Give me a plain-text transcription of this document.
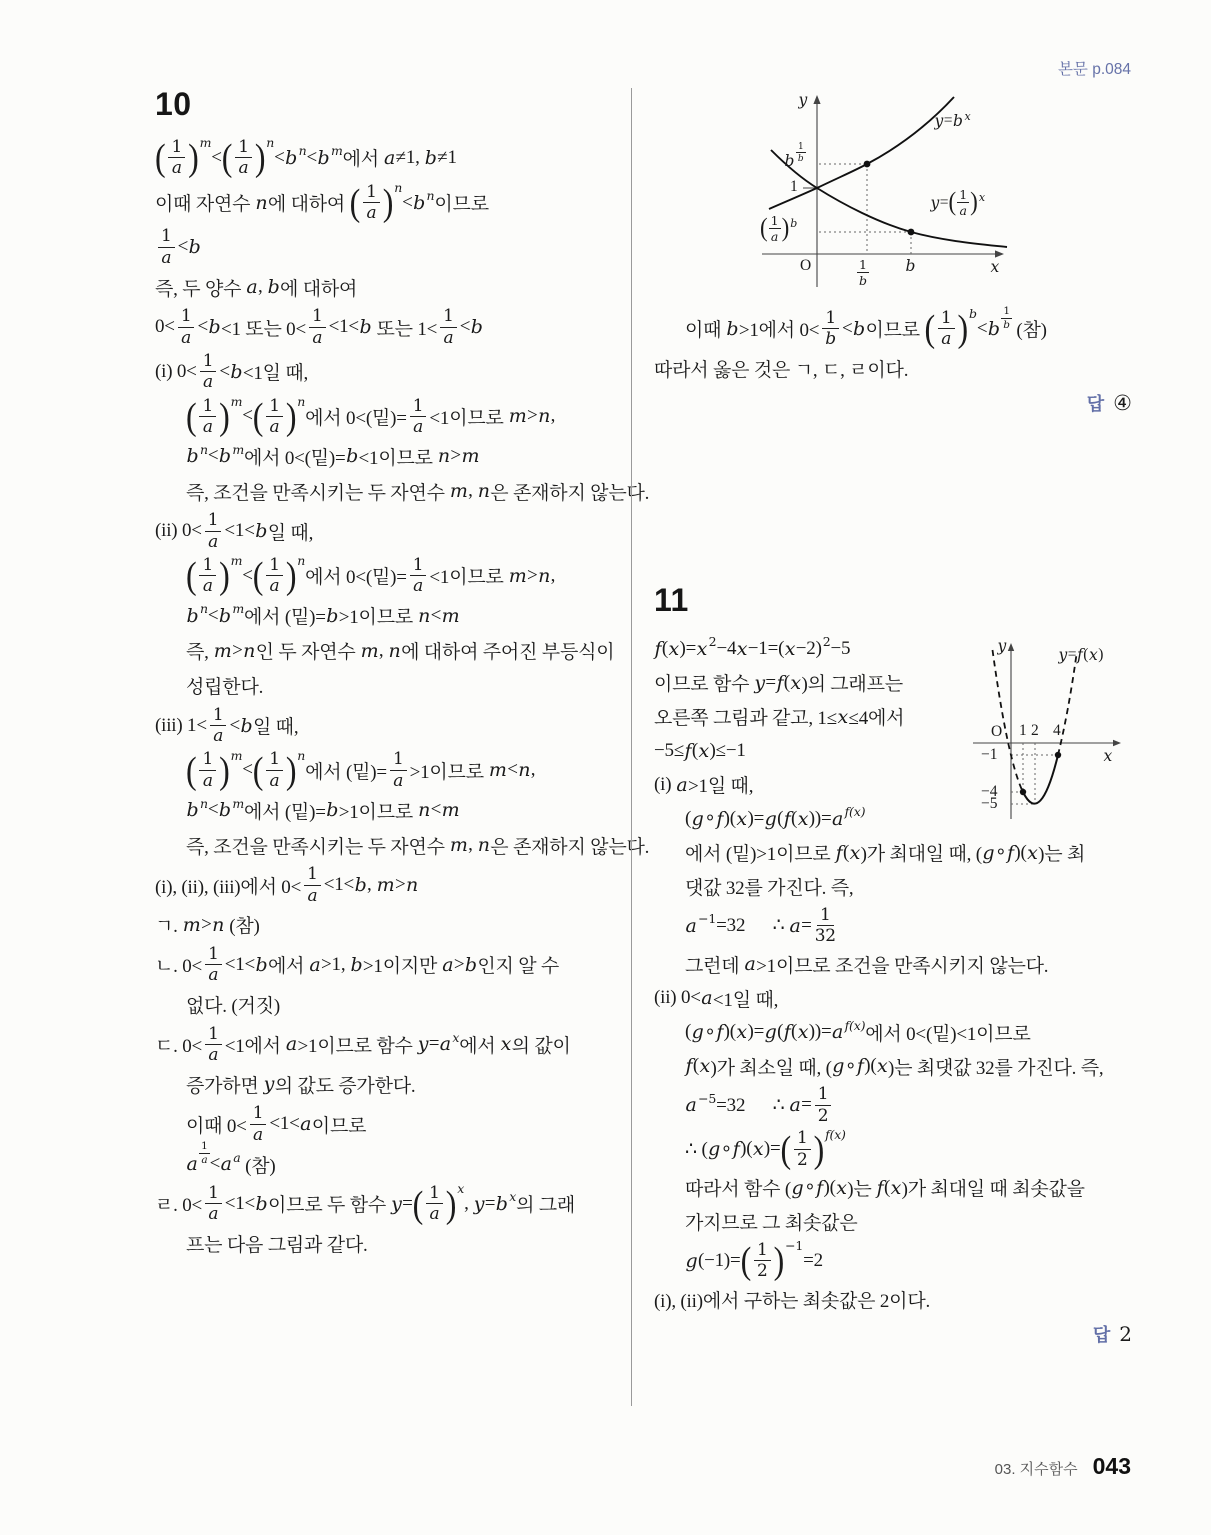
본문 p.084
10
( $\frac{1}{a}$ ) m
< ( $\frac{1}{a}$ ) n
< b n < b m 에서 a ≠1, b ≠1
이때 자연수 n 에 대하여 ( $\frac{1}{a}$ ) n
< b n 이므로
$\frac{1}{a} < b$
즉, 두 양수 a , b 에 대하여
$0< \frac{1}{a} < b <1$ 또는 $0< \frac{1}{a} <1< b$ 또는 $1< \frac{1}{a} < b$
(i) $0< \frac{1}{a} < b <1$일 때,
( $\frac{1}{a}$ ) m
< ( $\frac{1}{a}$ ) n
에서 0<(밑)= $\frac{1}{a} <1$이므로 m > n ,
b n < b m 에서 0<(밑)= b <1이므로 n > m
즉, 조건을 만족시키는 두 자연수 m , n 은 존재하지 않는다.
(ii) $0< \frac{1}{a} <1< b$ 일 때,
( $\frac{1}{a}$ ) m
< ( $\frac{1}{a}$ ) n
에서 0<(밑)= $\frac{1}{a} <1$이므로 m > n ,
b n < b m 에서 (밑)= b >1이므로 n < m
즉, m > n 인 두 자연수 m , n 에 대하여 주어진 부등식이
성립한다.
(iii) $1< \frac{1}{a} < b$ 일 때,
( $\frac{1}{a}$ ) m
< ( $\frac{1}{a}$ ) n
에서 (밑)= $\frac{1}{a} >1$이므로 m < n ,
b n < b m 에서 (밑)= b >1이므로 n < m
즉, 조건을 만족시키는 두 자연수 m , n 은 존재하지 않는다.
(i), (ii), (iii)에서 $0< \frac{1}{a} <1< b$ , m > n
ㄱ. m > n (참)
ㄴ. $0< \frac{1}{a} <1< b$ 에서 a >1, b >1이지만 a > b 인지 알 수
없다. (거짓)
ㄷ. $0< \frac{1}{a} <1$에서 a >1이므로 함수 y = a x 에서 x 의 값이
증가하면 y 의 값도 증가한다.
이때 $0< \frac{1}{a} <1< a$ 이므로
a
1
a < a a (참)
ㄹ. $0< \frac{1}{a} <1< b$ 이므로 두 함수 y = ( $\frac{1}{a}$ ) x
, y = b x 의 그래
프는 다음 그림과 같다.
y
x
O
b
1
b
1
( $\frac{1}{a}$ ) b
$\frac{1}{b}$ b
y = b x
y = ( $\frac{1}{a}$ ) x
이때 b >1에서 $0< \frac{1}{b} < b$ 이므로 ( $\frac{1}{a}$ ) b
< b
1
b (참)
따라서 옳은 것은 ㄱ, ㄷ, ㄹ이다.
답 ④
11
y
x
O 1 2 4
−1
−4
−5
y = f ( x )
f ( x )= x 2 −4 x −1=( x −2) 2 −5
이므로 함수 y = f ( x )의 그래프는
오른쪽 그림과 같고, 1≤ x ≤4에서
−5≤ f ( x )≤−1
(i) a >1일 때,
( g ∘ f )( x )= g ( f ( x ))= a f(x)
에서 (밑)>1이므로 f ( x )가 최대일 때, ( g ∘ f )( x )는 최
댓값 32를 가진다. 즉,
a −1 =32      ∴ $a = \frac{1}{32}$
그런데 a >1이므로 조건을 만족시키지 않는다.
(ii) 0< a <1일 때,
( g ∘ f )( x )= g ( f ( x ))= a f(x) 에서 0<(밑)<1이므로
f ( x )가 최소일 때, ( g ∘ f )( x )는 최댓값 32를 가진다. 즉,
a −5 =32      ∴ $a = \frac{1}{2}$
∴ ( g ∘ f )( x )= ( $\frac{1}{2}$ ) f(x)
따라서 함수 ( g ∘ f )( x )는 f ( x )가 최대일 때 최솟값을
가지므로 그 최솟값은
g (−1)= ( $\frac{1}{2}$ ) −1
=2
(i), (ii)에서 구하는 최솟값은 2이다.
답 2
03. 지수함수 043
